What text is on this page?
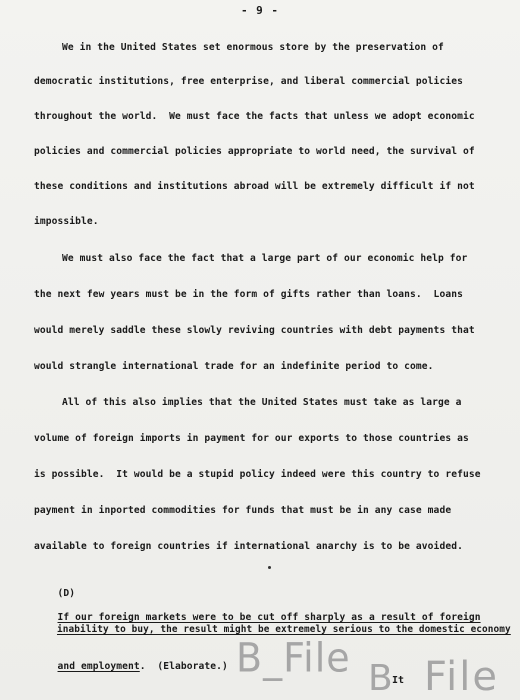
- 9 -
We in the United States set enormous store by the preservation of
democratic institutions, free enterprise, and liberal commercial policies
throughout the world.  We must face the facts that unless we adopt economic
policies and commercial policies appropriate to world need, the survival of
these conditions and institutions abroad will be extremely difficult if not
impossible.
We must also face the fact that a large part of our economic help for
the next few years must be in the form of gifts rather than loans.  Loans
would merely saddle these slowly reviving countries with debt payments that
would strangle international trade for an indefinite period to come.
All of this also implies that the United States must take as large a
volume of foreign imports in payment for our exports to those countries as
is possible.  It would be a stupid policy indeed were this country to refuse
payment in inported commodities for funds that must be in any case made
available to foreign countries if international anarchy is to be avoided.

(D)

If our foreign markets were to be cut off sharply as a result of foreign

inability to buy, the result might be extremely serious to the domestic economy

and employment.  (Elaborate.)
B_File B It File
